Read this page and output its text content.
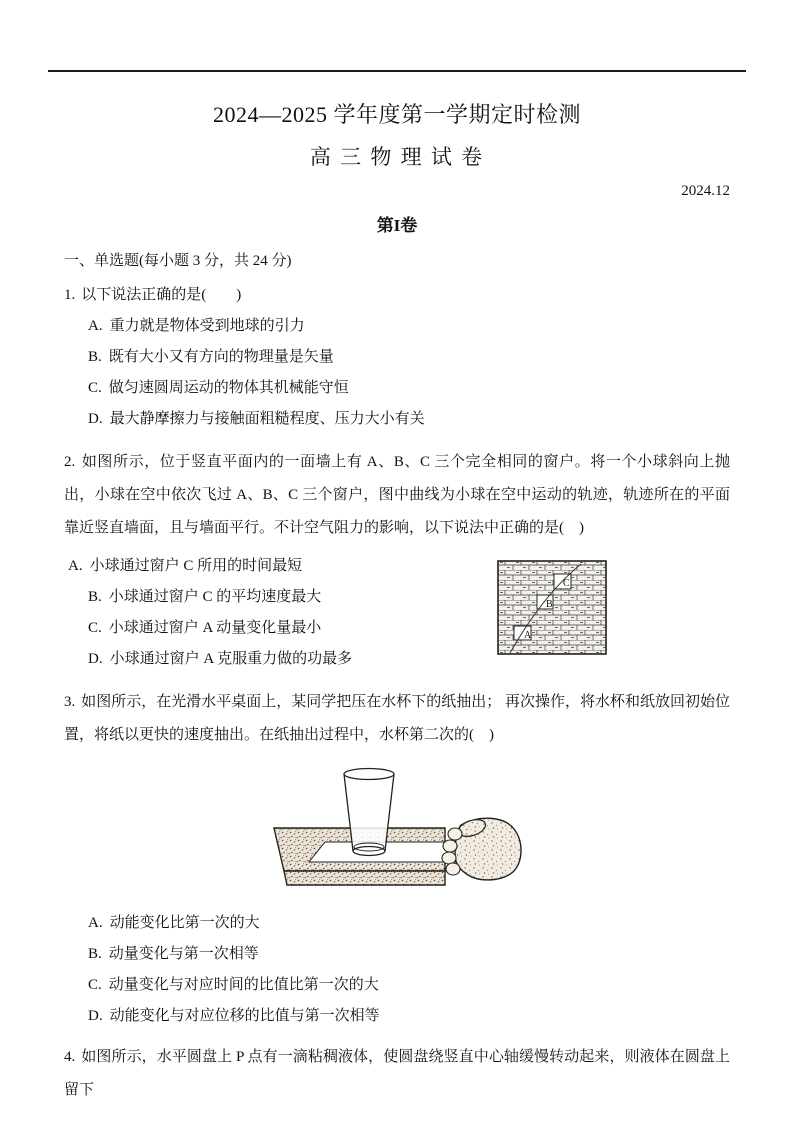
2024—2025 学年度第一学期定时检测
高 三 物 理 试 卷
2024.12
第I卷
一、单选题(每小题 3 分，共 24 分)

1. 以下说法正确的是(　　)

A. 重力就是物体受到地球的引力
B. 既有大小又有方向的物理量是矢量
C. 做匀速圆周运动的物体其机械能守恒
D. 最大静摩擦力与接触面粗糙程度、压力大小有关

2. 如图所示，位于竖直平面内的一面墙上有 A、B、C 三个完全相同的窗户。将一个小球斜向上抛出，小球在空中依次飞过 A、B、C 三个窗户，图中曲线为小球在空中运动的轨迹，轨迹所在的平面靠近竖直墙面，且与墙面平行。不计空气阻力的影响，以下说法中正确的是(　)

A. 小球通过窗户 C 所用的时间最短
B. 小球通过窗户 C 的平均速度最大
C. 小球通过窗户 A 动量变化量最小
D. 小球通过窗户 A 克服重力做的功最多
A
B
C

3. 如图所示，在光滑水平桌面上，某同学把压在水杯下的纸抽出； 再次操作，将水杯和纸放回初始位置，将纸以更快的速度抽出。在纸抽出过程中，水杯第二次的(　)

A. 动能变化比第一次的大
B. 动量变化与第一次相等
C. 动量变化与对应时间的比值比第一次的大
D. 动能变化与对应位移的比值与第一次相等

4. 如图所示，水平圆盘上 P 点有一滴粘稠液体，使圆盘绕竖直中心轴缓慢转动起来，则液体在圆盘上留下
